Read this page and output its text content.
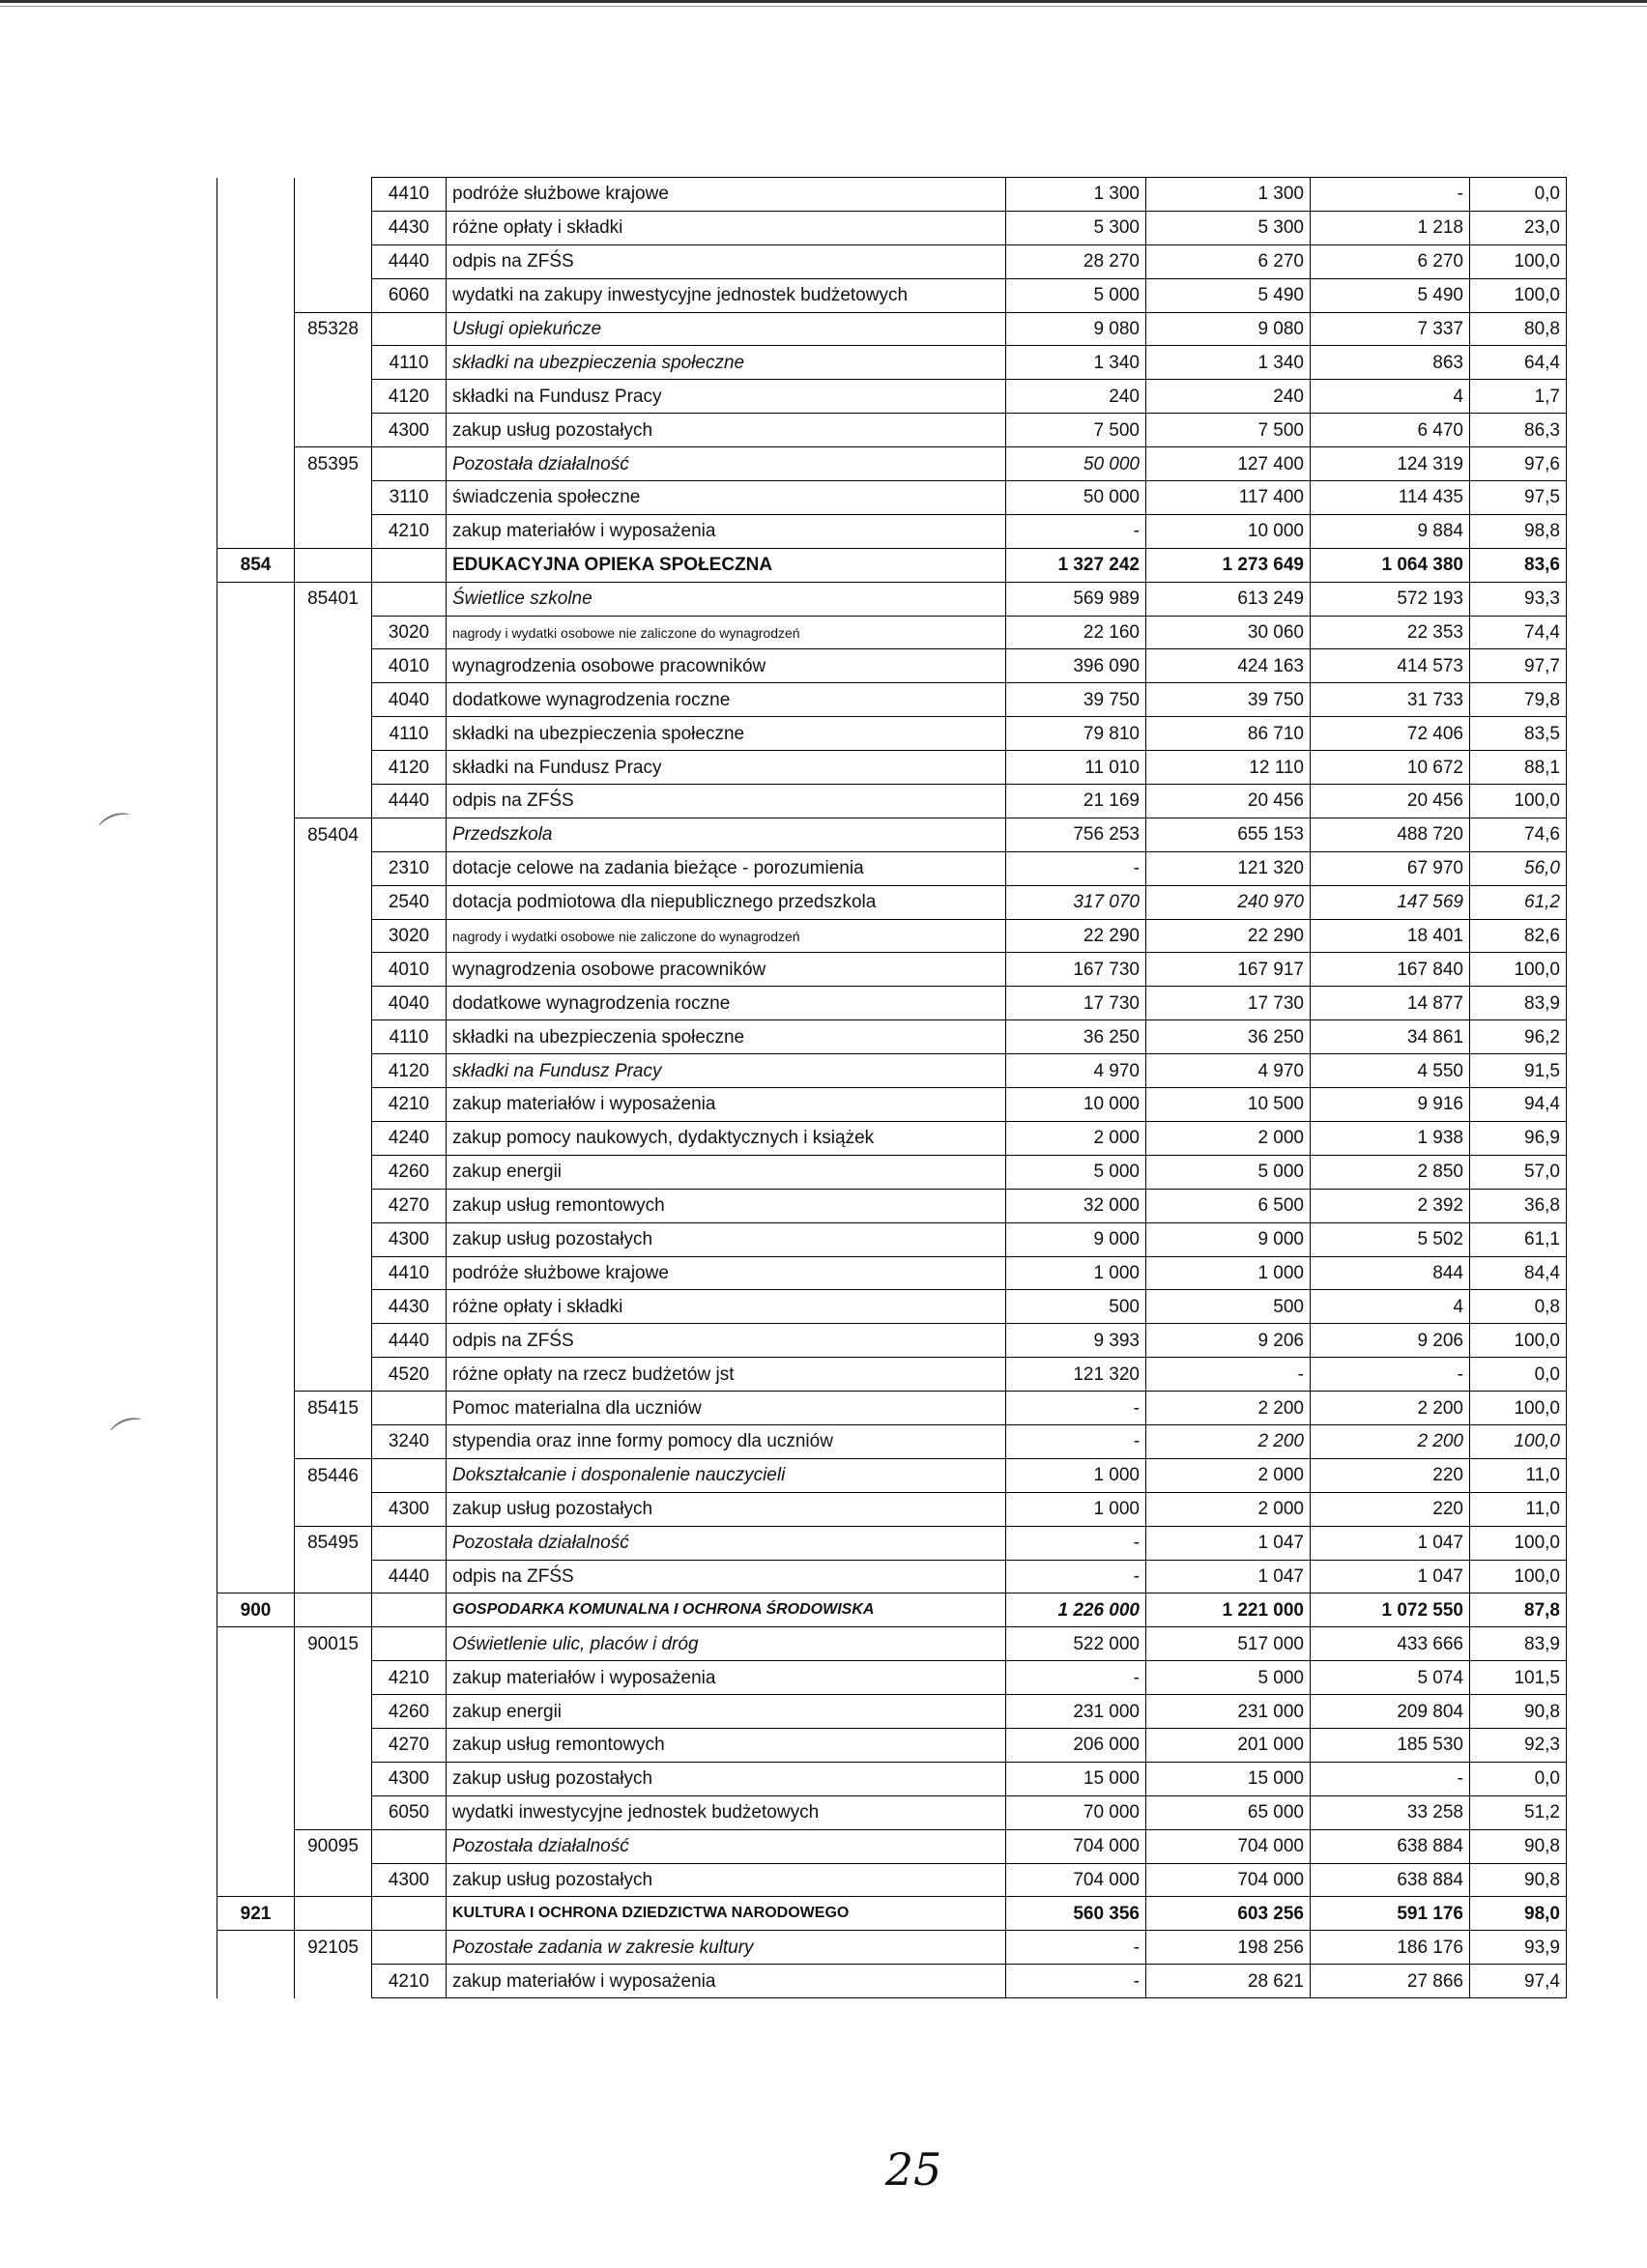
⌒
⌒
		4410	podróże służbowe krajowe	1 300	1 300	-	0,0
		4430	różne opłaty i składki	5 300	5 300	1 218	23,0
		4440	odpis na ZFŚS	28 270	6 270	6 270	100,0
		6060	wydatki na zakupy inwestycyjne jednostek budżetowych	5 000	5 490	5 490	100,0
	85328		Usługi opiekuńcze	9 080	9 080	7 337	80,8
		4110	składki na ubezpieczenia społeczne	1 340	1 340	863	64,4
		4120	składki na Fundusz Pracy	240	240	4	1,7
		4300	zakup usług pozostałych	7 500	7 500	6 470	86,3
	85395		Pozostała działalność	50 000	127 400	124 319	97,6
		3110	świadczenia społeczne	50 000	117 400	114 435	97,5
		4210	zakup materiałów i wyposażenia	-	10 000	9 884	98,8
854			EDUKACYJNA OPIEKA SPOŁECZNA	1 327 242	1 273 649	1 064 380	83,6
	85401		Świetlice szkolne	569 989	613 249	572 193	93,3
		3020	nagrody i wydatki osobowe nie zaliczone do wynagrodzeń	22 160	30 060	22 353	74,4
		4010	wynagrodzenia osobowe pracowników	396 090	424 163	414 573	97,7
		4040	dodatkowe wynagrodzenia roczne	39 750	39 750	31 733	79,8
		4110	składki na ubezpieczenia społeczne	79 810	86 710	72 406	83,5
		4120	składki na Fundusz Pracy	11 010	12 110	10 672	88,1
		4440	odpis na ZFŚS	21 169	20 456	20 456	100,0
	85404		Przedszkola	756 253	655 153	488 720	74,6
		2310	dotacje celowe na zadania bieżące - porozumienia	-	121 320	67 970	56,0
		2540	dotacja podmiotowa dla niepublicznego przedszkola	317 070	240 970	147 569	61,2
		3020	nagrody i wydatki osobowe nie zaliczone do wynagrodzeń	22 290	22 290	18 401	82,6
		4010	wynagrodzenia osobowe pracowników	167 730	167 917	167 840	100,0
		4040	dodatkowe wynagrodzenia roczne	17 730	17 730	14 877	83,9
		4110	składki na ubezpieczenia społeczne	36 250	36 250	34 861	96,2
		4120	składki na Fundusz Pracy	4 970	4 970	4 550	91,5
		4210	zakup materiałów i wyposażenia	10 000	10 500	9 916	94,4
		4240	zakup pomocy naukowych, dydaktycznych i książek	2 000	2 000	1 938	96,9
		4260	zakup energii	5 000	5 000	2 850	57,0
		4270	zakup usług remontowych	32 000	6 500	2 392	36,8
		4300	zakup usług pozostałych	9 000	9 000	5 502	61,1
		4410	podróże służbowe krajowe	1 000	1 000	844	84,4
		4430	różne opłaty i składki	500	500	4	0,8
		4440	odpis na ZFŚS	9 393	9 206	9 206	100,0
		4520	różne opłaty na rzecz budżetów jst	121 320	-	-	0,0
	85415		Pomoc materialna dla uczniów	-	2 200	2 200	100,0
		3240	stypendia oraz inne formy pomocy dla uczniów	-	2 200	2 200	100,0
	85446		Dokształcanie i dosponalenie nauczycieli	1 000	2 000	220	11,0
		4300	zakup usług pozostałych	1 000	2 000	220	11,0
	85495		Pozostała działalność	-	1 047	1 047	100,0
		4440	odpis na ZFŚS	-	1 047	1 047	100,0
900			GOSPODARKA KOMUNALNA I OCHRONA ŚRODOWISKA	1 226 000	1 221 000	1 072 550	87,8
	90015		Oświetlenie ulic, placów i dróg	522 000	517 000	433 666	83,9
		4210	zakup materiałów i wyposażenia	-	5 000	5 074	101,5
		4260	zakup energii	231 000	231 000	209 804	90,8
		4270	zakup usług remontowych	206 000	201 000	185 530	92,3
		4300	zakup usług pozostałych	15 000	15 000	-	0,0
		6050	wydatki inwestycyjne jednostek budżetowych	70 000	65 000	33 258	51,2
	90095		Pozostała działalność	704 000	704 000	638 884	90,8
		4300	zakup usług pozostałych	704 000	704 000	638 884	90,8
921			KULTURA I OCHRONA DZIEDZICTWA NARODOWEGO	560 356	603 256	591 176	98,0
	92105		Pozostałe zadania w zakresie kultury	-	198 256	186 176	93,9
		4210	zakup materiałów i wyposażenia	-	28 621	27 866	97,4
25
